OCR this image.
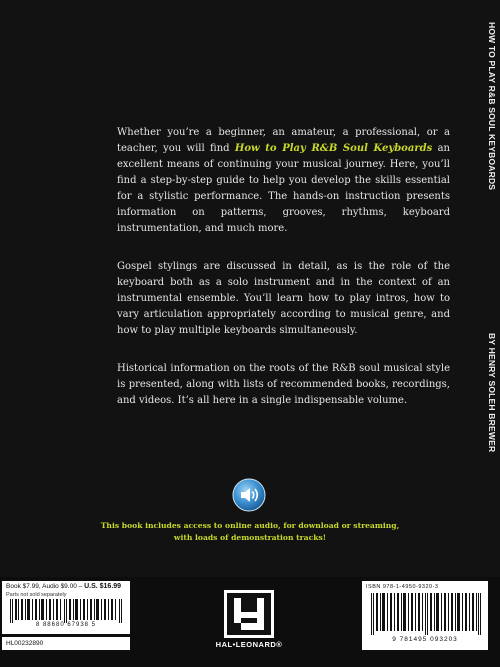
Whether you’re a beginner, an amateur, a professional, or a teacher, you will find How to Play R&B Soul Keyboards an excellent means of continuing your musical journey. Here, you’ll find a step-by-step guide to help you develop the skills essential for a stylistic performance. The hands-on instruction presents information on patterns, grooves, rhythms, keyboard instrumentation, and much more.

Gospel stylings are discussed in detail, as is the role of the keyboard both as a solo instrument and in the context of an instrumental ensemble. You’ll learn how to play intros, how to vary articulation appropriately according to musical genre, and how to play multiple keyboards simultaneously.

Historical information on the roots of the R&B soul musical style is presented, along with lists of recommended books, recordings, and videos. It’s all here in a single indispensable volume.

HOW TO PLAY R&B SOUL KEYBOARDS
BY HENRY SOLEH BREWER
This book includes access to online audio, for download or streaming,
with loads of demonstration tracks!
Book $7.99, Audio $9.00 – U.S. $16.99
Parts not sold separately
8 88680 67938 5
HL00232890	HAL•LEONARD®
ISBN 978-1-4950-9320-3
9 781495 093203
